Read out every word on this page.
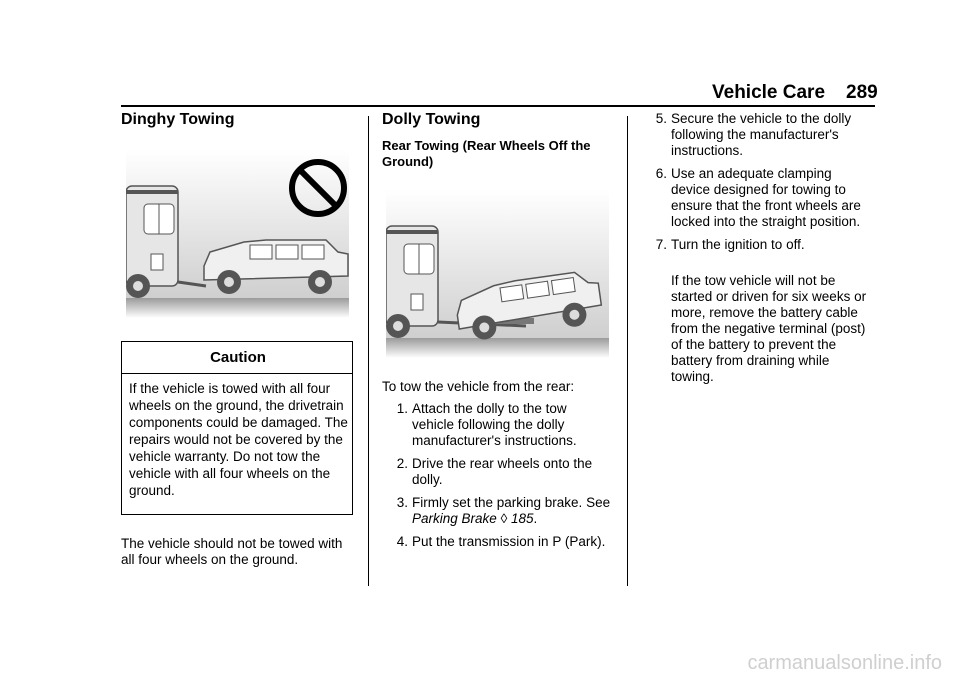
Vehicle Care 289
Dinghy Towing
Caution
If the vehicle is towed with all four wheels on the ground, the drivetrain components could be damaged. The repairs would not be covered by the vehicle warranty. Do not tow the vehicle with all four wheels on the ground.
The vehicle should not be towed with all four wheels on the ground.
Dolly Towing
Rear Towing (Rear Wheels Off the Ground)
To tow the vehicle from the rear:
1. Attach the dolly to the tow vehicle following the dolly manufacturer's instructions.
2. Drive the rear wheels onto the dolly.
3. Firmly set the parking brake. See Parking Brake ◊ 185.
4. Put the transmission in P (Park).
5. Secure the vehicle to the dolly following the manufacturer's instructions.
6. Use an adequate clamping device designed for towing to ensure that the front wheels are locked into the straight position.
7. Turn the ignition to off.
If the tow vehicle will not be started or driven for six weeks or more, remove the battery cable from the negative terminal (post) of the battery to prevent the battery from draining while towing.
carmanualsonline.info
